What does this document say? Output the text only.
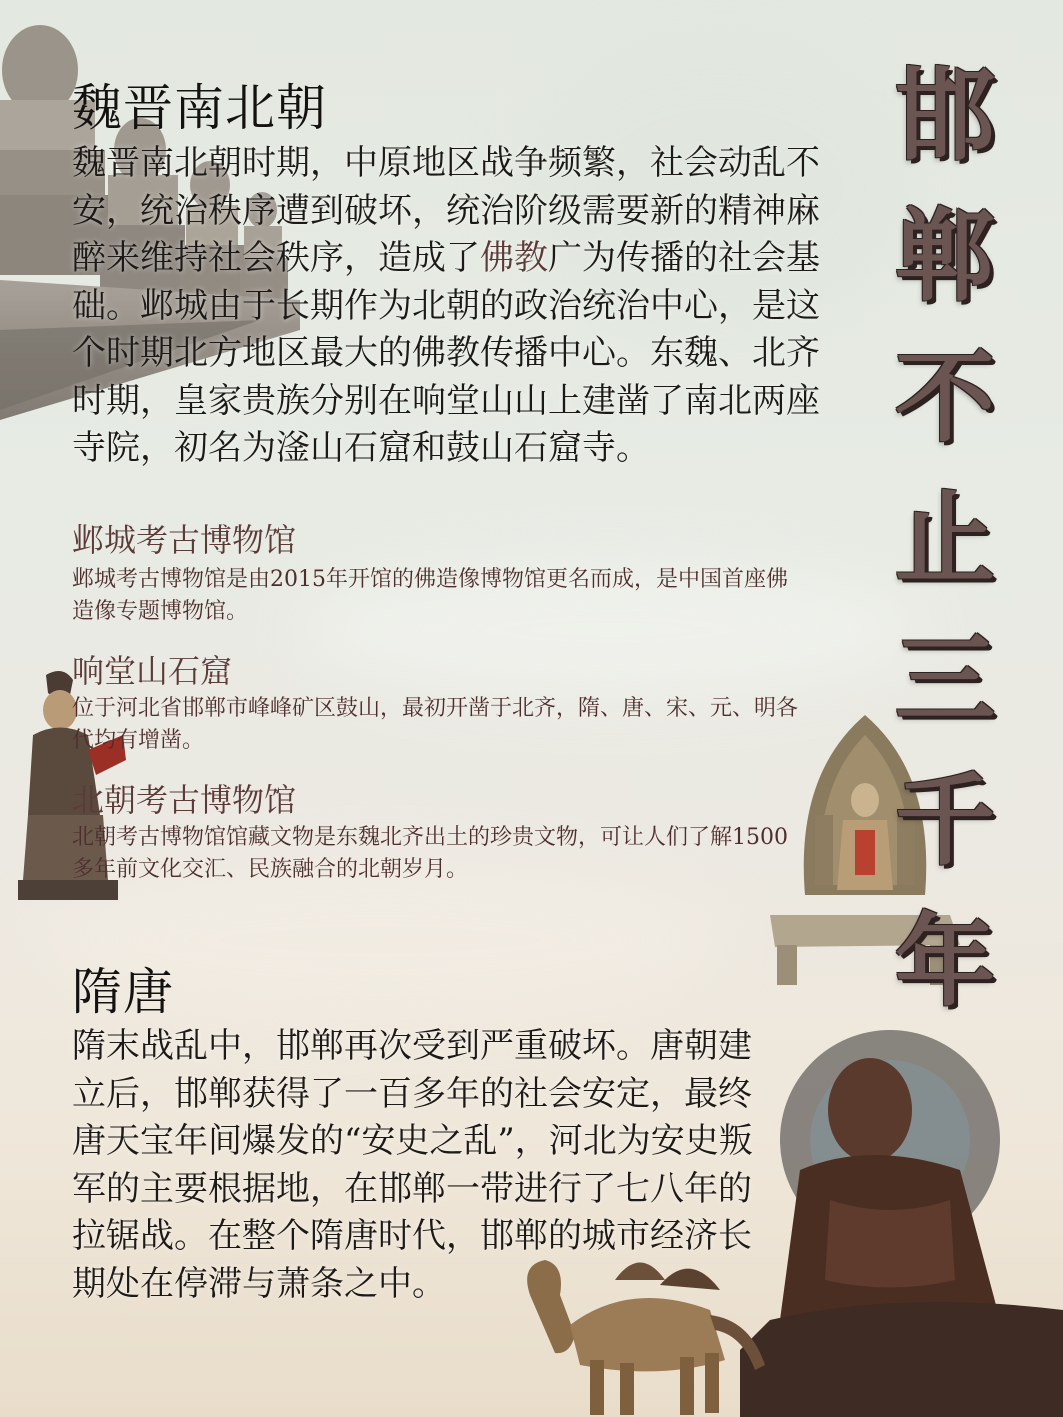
邯
郸
不
止
三
千
年
魏晋南北朝

魏晋南北朝时期，中原地区战争频繁，社会动乱不安，统治秩序遭到破坏，统治阶级需要新的精神麻醉来维持社会秩序，造成了佛教广为传播的社会基础。邺城由于长期作为北朝的政治统治中心，是这个时期北方地区最大的佛教传播中心。东魏、北齐时期，皇家贵族分别在响堂山山上建凿了南北两座寺院，初名为滏山石窟和鼓山石窟寺。

邺城考古博物馆

邺城考古博物馆是由2015年开馆的佛造像博物馆更名而成，是中国首座佛造像专题博物馆。

响堂山石窟

位于河北省邯郸市峰峰矿区鼓山，最初开凿于北齐，隋、唐、宋、元、明各代均有增凿。

北朝考古博物馆

北朝考古博物馆馆藏文物是东魏北齐出土的珍贵文物，可让人们了解1500多年前文化交汇、民族融合的北朝岁月。

隋唐

隋末战乱中，邯郸再次受到严重破坏。唐朝建立后，邯郸获得了一百多年的社会安定，最终唐天宝年间爆发的“安史之乱”，河北为安史叛军的主要根据地，在邯郸一带进行了七八年的拉锯战。在整个隋唐时代，邯郸的城市经济长期处在停滞与萧条之中。
